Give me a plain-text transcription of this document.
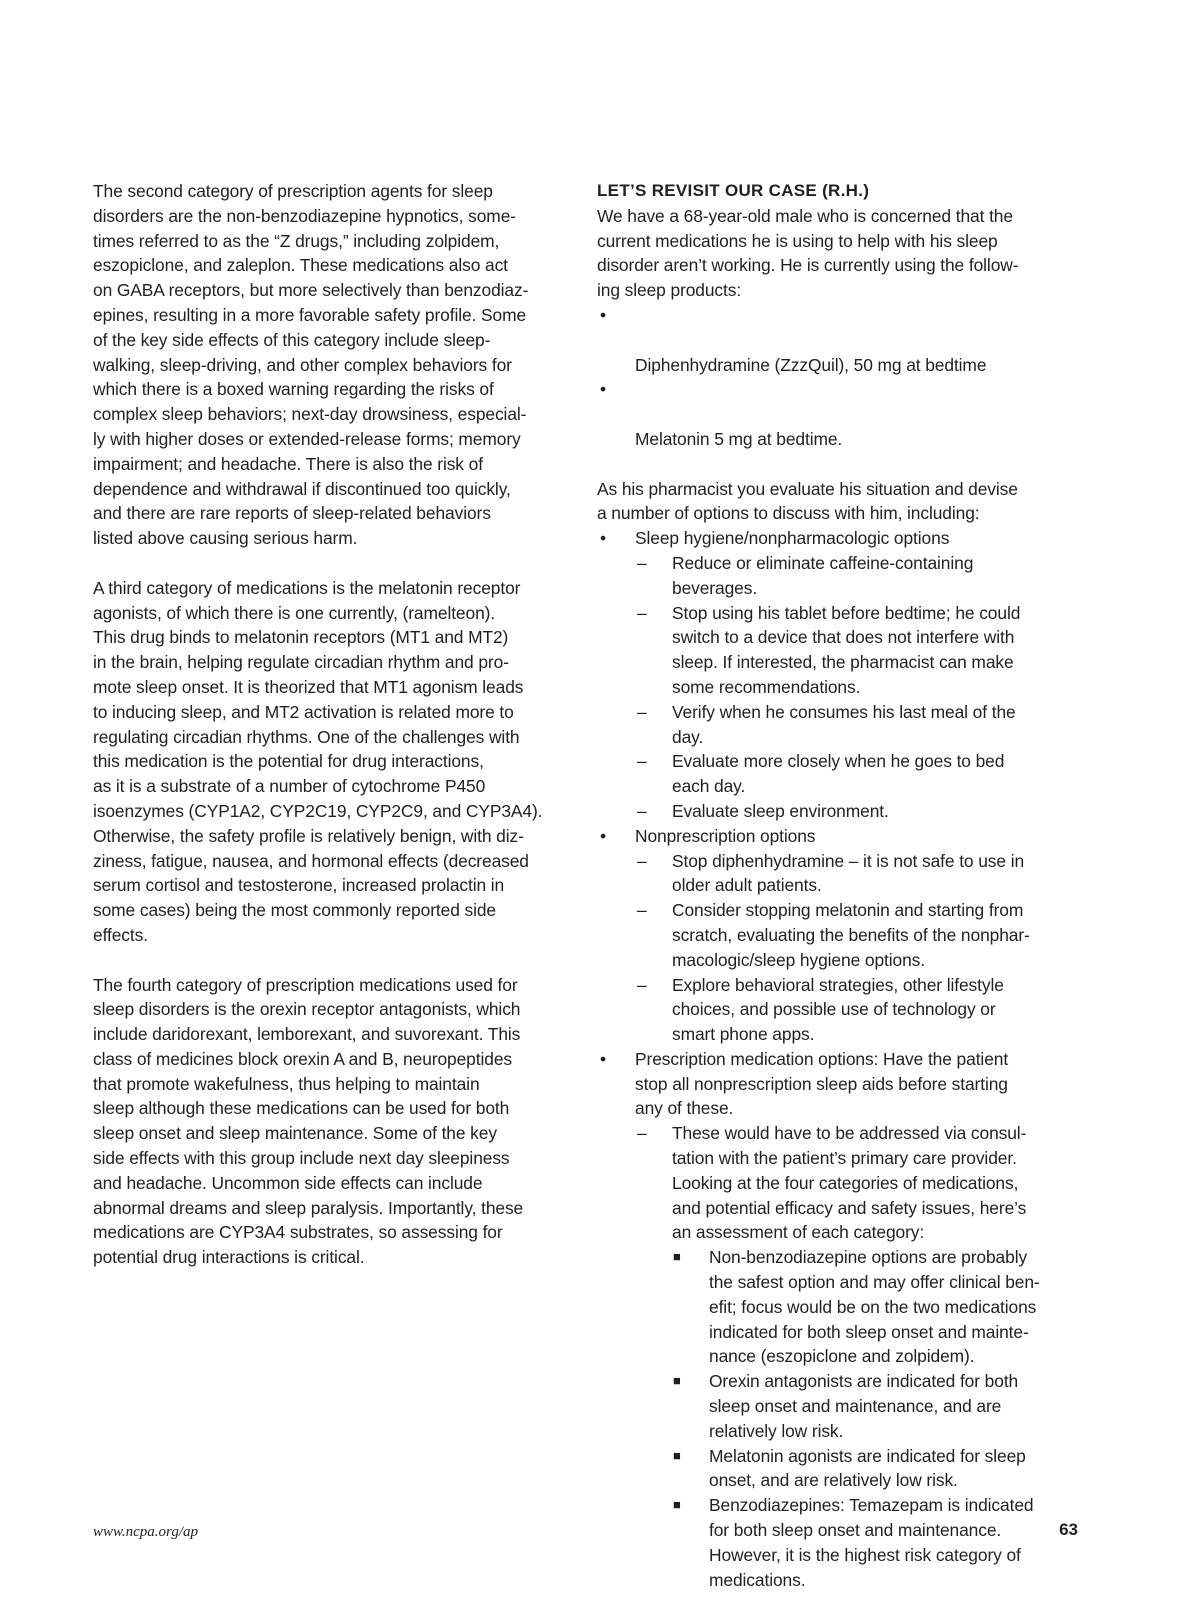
The second category of prescription agents for sleep
disorders are the non-benzodiazepine hypnotics, some-
times referred to as the “Z drugs,” including zolpidem,
eszopiclone, and zaleplon. These medications also act
on GABA receptors, but more selectively than benzodiaz-
epines, resulting in a more favorable safety profile. Some
of the key side effects of this category include sleep-
walking, sleep-driving, and other complex behaviors for
which there is a boxed warning regarding the risks of
complex sleep behaviors; next-day drowsiness, especial-
ly with higher doses or extended-release forms; memory
impairment; and headache. There is also the risk of
dependence and withdrawal if discontinued too quickly,
and there are rare reports of sleep-related behaviors
listed above causing serious harm.

A third category of medications is the melatonin receptor
agonists, of which there is one currently, (ramelteon).
This drug binds to melatonin receptors (MT1 and MT2)
in the brain, helping regulate circadian rhythm and pro-
mote sleep onset. It is theorized that MT1 agonism leads
to inducing sleep, and MT2 activation is related more to
regulating circadian rhythms. One of the challenges with
this medication is the potential for drug interactions,
as it is a substrate of a number of cytochrome P450
isoenzymes (CYP1A2, CYP2C19, CYP2C9, and CYP3A4).
Otherwise, the safety profile is relatively benign, with diz-
ziness, fatigue, nausea, and hormonal effects (decreased
serum cortisol and testosterone, increased prolactin in
some cases) being the most commonly reported side
effects.

The fourth category of prescription medications used for
sleep disorders is the orexin receptor antagonists, which
include daridorexant, lemborexant, and suvorexant. This
class of medicines block orexin A and B, neuropeptides
that promote wakefulness, thus helping to maintain
sleep although these medications can be used for both
sleep onset and sleep maintenance. Some of the key
side effects with this group include next day sleepiness
and headache. Uncommon side effects can include
abnormal dreams and sleep paralysis. Importantly, these
medications are CYP3A4 substrates, so assessing for
potential drug interactions is critical.

LET’S REVISIT OUR CASE (R.H.)

We have a 68-year-old male who is concerned that the
current medications he is using to help with his sleep
disorder aren’t working. He is currently using the follow-
ing sleep products:

•

Diphenhydramine (ZzzQuil), 50 mg at bedtime

•

Melatonin 5 mg at bedtime.

As his pharmacist you evaluate his situation and devise
a number of options to discuss with him, including:

• Sleep hygiene/nonpharmacologic options
– Reduce or eliminate caffeine-containing
beverages.
– Stop using his tablet before bedtime; he could
switch to a device that does not interfere with
sleep. If interested, the pharmacist can make
some recommendations.
– Verify when he consumes his last meal of the
day.
– Evaluate more closely when he goes to bed
each day.
– Evaluate sleep environment.
• Nonprescription options
– Stop diphenhydramine – it is not safe to use in
older adult patients.
– Consider stopping melatonin and starting from
scratch, evaluating the benefits of the nonphar-
macologic/sleep hygiene options.
– Explore behavioral strategies, other lifestyle
choices, and possible use of technology or
smart phone apps.
• Prescription medication options: Have the patient
stop all nonprescription sleep aids before starting
any of these.
– These would have to be addressed via consul-
tation with the patient’s primary care provider.
Looking at the four categories of medications,
and potential efficacy and safety issues, here’s
an assessment of each category:
■ Non-benzodiazepine options are probably
the safest option and may offer clinical ben-
efit; focus would be on the two medications
indicated for both sleep onset and mainte-
nance (eszopiclone and zolpidem).
■ Orexin antagonists are indicated for both
sleep onset and maintenance, and are
relatively low risk.
■ Melatonin agonists are indicated for sleep
onset, and are relatively low risk.
■ Benzodiazepines: Temazepam is indicated
for both sleep onset and maintenance.
However, it is the highest risk category of
medications.
www.ncpa.org/ap	63
